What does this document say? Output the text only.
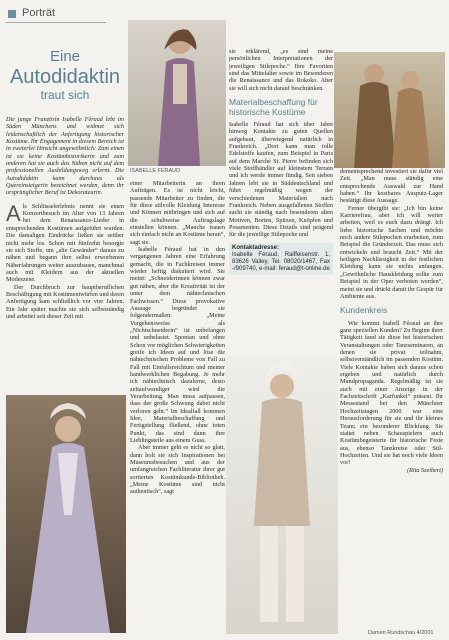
Porträt
Eine
Autodidaktin
traut sich
Die junge Französin Isabelle Féraud lebt im Süden Münchens und widmet sich leidenschaftlich der Anfertigung historischer Kostüme. Ihr Engagement in diesem Bereich ist in zweierlei Hinsicht ungewöhnlich: Zum einen ist sie keine Kostümhistorikerin und zum anderen hat sie auch das Nähen nicht auf dem professionellen Ausbildungsweg erlernt. Die Autodidaktin kann durchaus als Quereinsteigerin bezeichnet werden, denn ihr ursprünglicher Beruf ist Dekorateurin.
Als Schlüsselerlebnis nennt sie einen Konzertbesuch im Alter von 13 Jahren bei dem Renaissance-Lieder in entsprechenden Kostümen aufgeführt wurden. Die damaligen Eindrücke ließen sie seither nicht mehr los. Schon mit fünfzehn besorgte sie sich Stoffe, um „alte Gewänder“ daraus zu nähen und begann ihre selbst erworbenen Näherfahrungen weiter auszubauen, manchmal auch mit Kleidern aus der aktuellen Modeszene.
Der Durchbruch zur hauptberuflichen Beschäftigung mit Kostümentwürfen und deren Anfertigung kam schließlich vor vier Jahren. Ein Jahr später machte sie sich selbstständig und arbeitet seit dieser Zeit mit
ISABELLE FÉRAUD
einer Mitarbeiterin an ihren Aufträgen. Es ist nicht leicht, passende Mitarbeiter zu finden, die für diese stilvolle Kleidung Interesse und Können mitbringen und sich auf die schubweise Auftragslage einstellen können. „Manche trauen sich einfach nicht an Kostüme heran“, sagt sie.
Isabelle Féraud hat in den vergangenen Jahren eine Erfahrung gemacht, die in Fachkreisen immer wieder heftig diskutiert wird. Sie meint: „Schneiderinnen können zwar gut nähen, aber die Kreativität ist der unter dem nähtechnischen Fachwissen.“ Diese provokative Aussage begründet sie folgendermaßen: „Meine Vorgehensweise als „Nichtschneiderin“ ist unbefangen und unbelastet. Spontan und ohne Schon vor möglichen Schwierigkeiten greife ich Ideen auf und löse die nähtechnischen Probleme von Fall zu Fall mit Einfallsreichtum und meiner handwerklichen Begabung. Je mehr ich nähtechnisch dazulerne, desto zeitaufwendiger wird die Verarbeitung. Man muss aufpassen, dass der große Schwung dabei nicht verloren geht.“ Im Idealfall kommen Idee, Materialbeschaffung und Fertigstellung fließend, ohne toten Punkt, das sind dann ihre Lieblingsteile aus einem Guss.
Aber immer geht es nicht so glatt, dann holt sie sich Inspirationen bei Museumsbesuchen und aus der umfangreichen Fachliteratur ihrer gut sortierten Kostümkunde-Bibliothek. „Meine Kostüme sind nicht authentisch“, sagt
sie erklärend, „es sind meine persönlichen Interpretationen der jeweiligen Stilepoche.“ Ihre Favoriten sind das Mittelalter sowie im Besonderen die Renaissance und das Rokoko. Aber sie will sich nicht darauf beschränken.
Materialbeschaffung für historische Kostüme
Isabelle Féraud hat sich über Jahre hinweg Kontakte zu guten Quellen aufgebaut, überwiegend natürlich in Frankreich. „Dort kann man tolle Edelstoffe kaufen, zum Beispiel in Paris auf dem Marché St. Pierre befinden sich viele Stoffhändler auf kleinstem Terrain und ich werde immer fündig. Seit sieben Jahren lebt sie in Süddeutschland und führt regelmäßig wegen der verschiedenen Materialien nach Frankreich. Neben ausgefallenen Stoffen sucht sie ständig nach besonderen alten Motiven, Borten, Spitzen, Knöpfen und Posamenten. Diese Details sind prägend für die jeweilige Stilepoche und
Kontaktadresse:
Isabelle Féraud, Raiffeisenstr. 1, 83626 Valley, Tel. 08020/1467, Fax -/909740, e-mail: feraud@t-online.de
dementsprechend investiert sie dafür viel Zeit. „Man muss ständig eine entsprechende Auswahl zur Hand haben.“ Ihr kostbares Ausputz-Lager bestätigt diese Aussage.
Ferner übergibt sie: „Ich bin keine Karrierefrau, aber ich will weiter arbeiten, weil es euch dazu drängt. Ich liebe historische Sachen und möchte noch andere Stilepochen erarbeiten, zum Beispiel die Gründerzeit. Das muss sich entwickeln und braucht Zeit.“ Mit der heiligen Nachlässigkeit in der festlichen Kleidung kann sie nichts anfangen. „Gewöhnliche Hauskleidung sollte zum Beispiel in der Oper verboten werden“, meint sie und drückt damit ihr Gespür für Ambiente aus.
Kundenkreis
Wie kommt Isabell Féraud an ihre ganz speziellen Kunden? Zu Beginn ihrer Tätigkeit fand sie diese bei historischen Veranstaltungen oder Tanzseminaren, an denen sie privat teilnahm, selbstverständlich im passenden Kostüm. Viele Kontakte haben sich daraus schon ergeben und natürlich durch Mundpropaganda. Regelmäßig ist sie auch mit einer Anzeige in der Fachzeitschrift „Karfunkel“ präsent. Ihr Messestand bei den Münchner Hochzeitstagen 2000 war eine Herausforderung für sie und ihr kleines Team; ein besonderer Blickfang. Sie stattet neben Schauspielern auch Kostümbegeisterte für historische Feste aus, ebenso Tanzkreise oder Stil-Hochzeiten. Und sie hat noch viele Ideen vor!
(Rita Szeibert)
Damen Rundschau 4/2001
